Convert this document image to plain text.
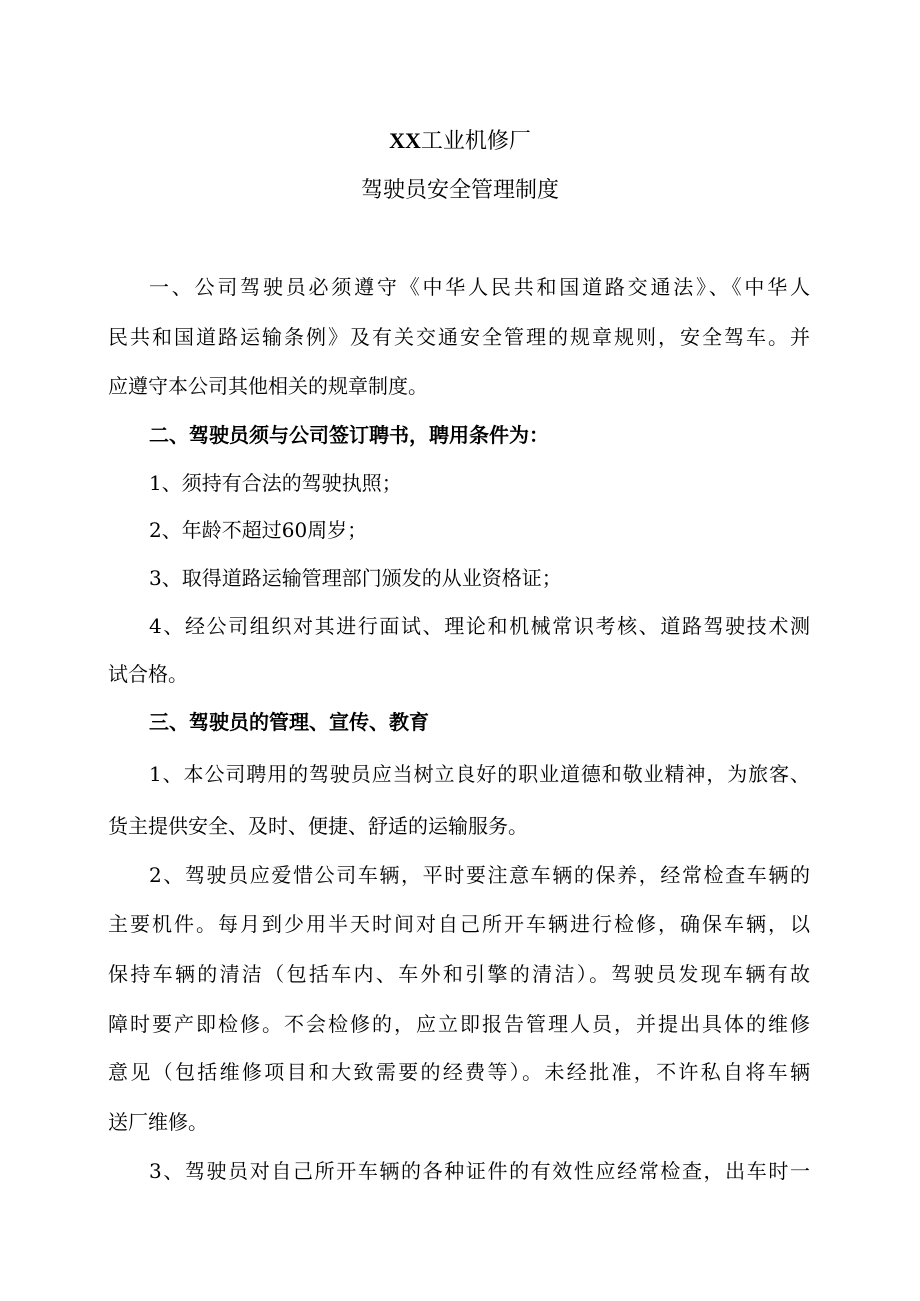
XX工业机修厂
驾驶员安全管理制度
一、公司驾驶员必须遵守《中华人民共和国道路交通法》、《中华人
民共和国道路运输条例》及有关交通安全管理的规章规则，安全驾车。并
应遵守本公司其他相关的规章制度。
二、驾驶员须与公司签订聘书，聘用条件为：
1、须持有合法的驾驶执照；
2、年龄不超过60周岁；
3、取得道路运输管理部门颁发的从业资格证；
4、经公司组织对其进行面试、理论和机械常识考核、道路驾驶技术测
试合格。
三、驾驶员的管理、宣传、教育
1、本公司聘用的驾驶员应当树立良好的职业道德和敬业精神，为旅客、
货主提供安全、及时、便捷、舒适的运输服务。
2、驾驶员应爱惜公司车辆，平时要注意车辆的保养，经常检查车辆的
主要机件。每月到少用半天时间对自己所开车辆进行检修，确保车辆，以
保持车辆的清洁（包括车内、车外和引擎的清洁）。驾驶员发现车辆有故
障时要产即检修。不会检修的，应立即报告管理人员，并提出具体的维修
意见（包括维修项目和大致需要的经费等）。未经批准，不许私自将车辆
送厂维修。
3、驾驶员对自己所开车辆的各种证件的有效性应经常检查，出车时一
